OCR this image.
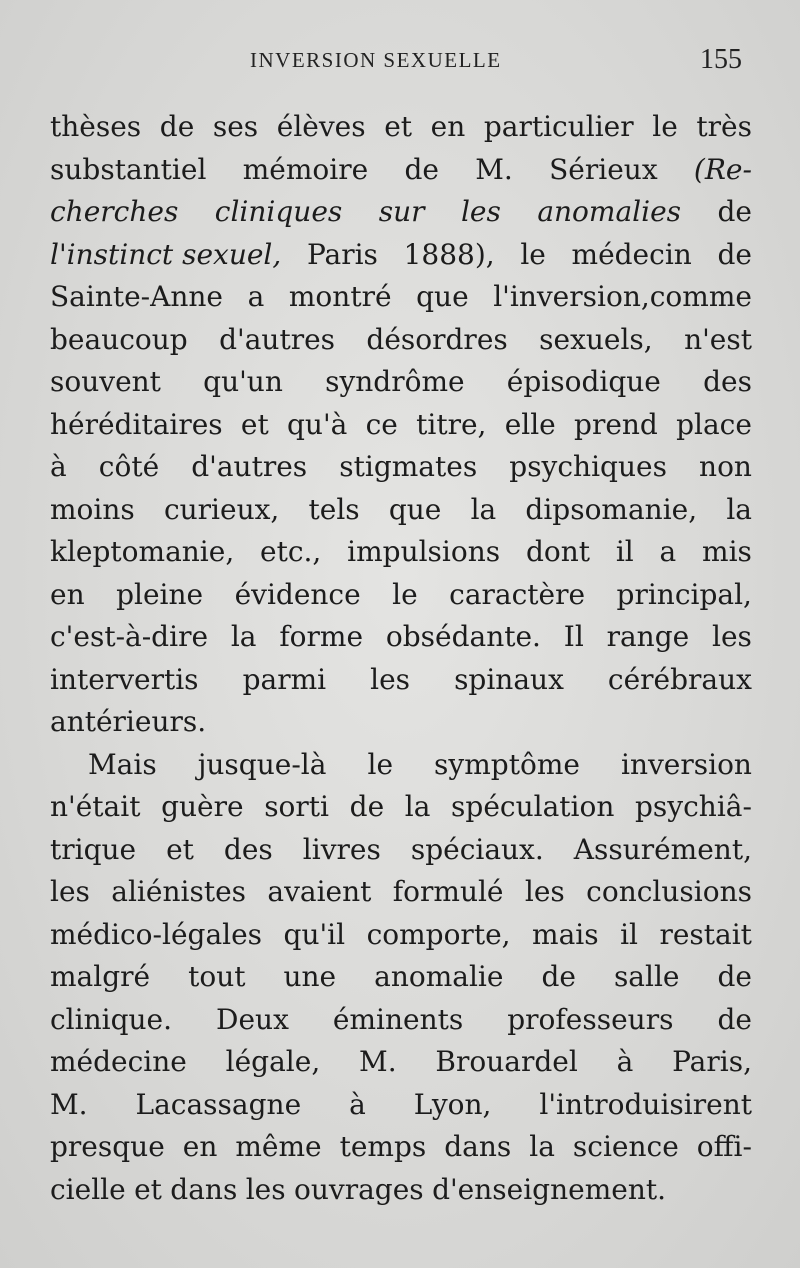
INVERSION SEXUELLE	155
thèses de ses élèves et en particulier le très
substantiel mémoire de M. Sérieux (Re-
cherches cliniques sur les anomalies de
l'instinct sexuel, Paris 1888), le médecin de
Sainte-Anne a montré que l'inversion,comme
beaucoup d'autres désordres sexuels, n'est
souvent qu'un syndrôme épisodique des
héréditaires et qu'à ce titre, elle prend place
à côté d'autres stigmates psychiques non
moins curieux, tels que la dipsomanie, la
kleptomanie, etc., impulsions dont il a mis
en pleine évidence le caractère principal,
c'est-à-dire la forme obsédante. Il range les
intervertis parmi les spinaux cérébraux
antérieurs.
Mais jusque-là le symptôme inversion
n'était guère sorti de la spéculation psychiâ-
trique et des livres spéciaux. Assurément,
les aliénistes avaient formulé les conclusions
médico-légales qu'il comporte, mais il restait
malgré tout une anomalie de salle de
clinique. Deux éminents professeurs de
médecine légale, M. Brouardel à Paris,
M. Lacassagne à Lyon, l'introduisirent
presque en même temps dans la science offi-
cielle et dans les ouvrages d'enseignement.
